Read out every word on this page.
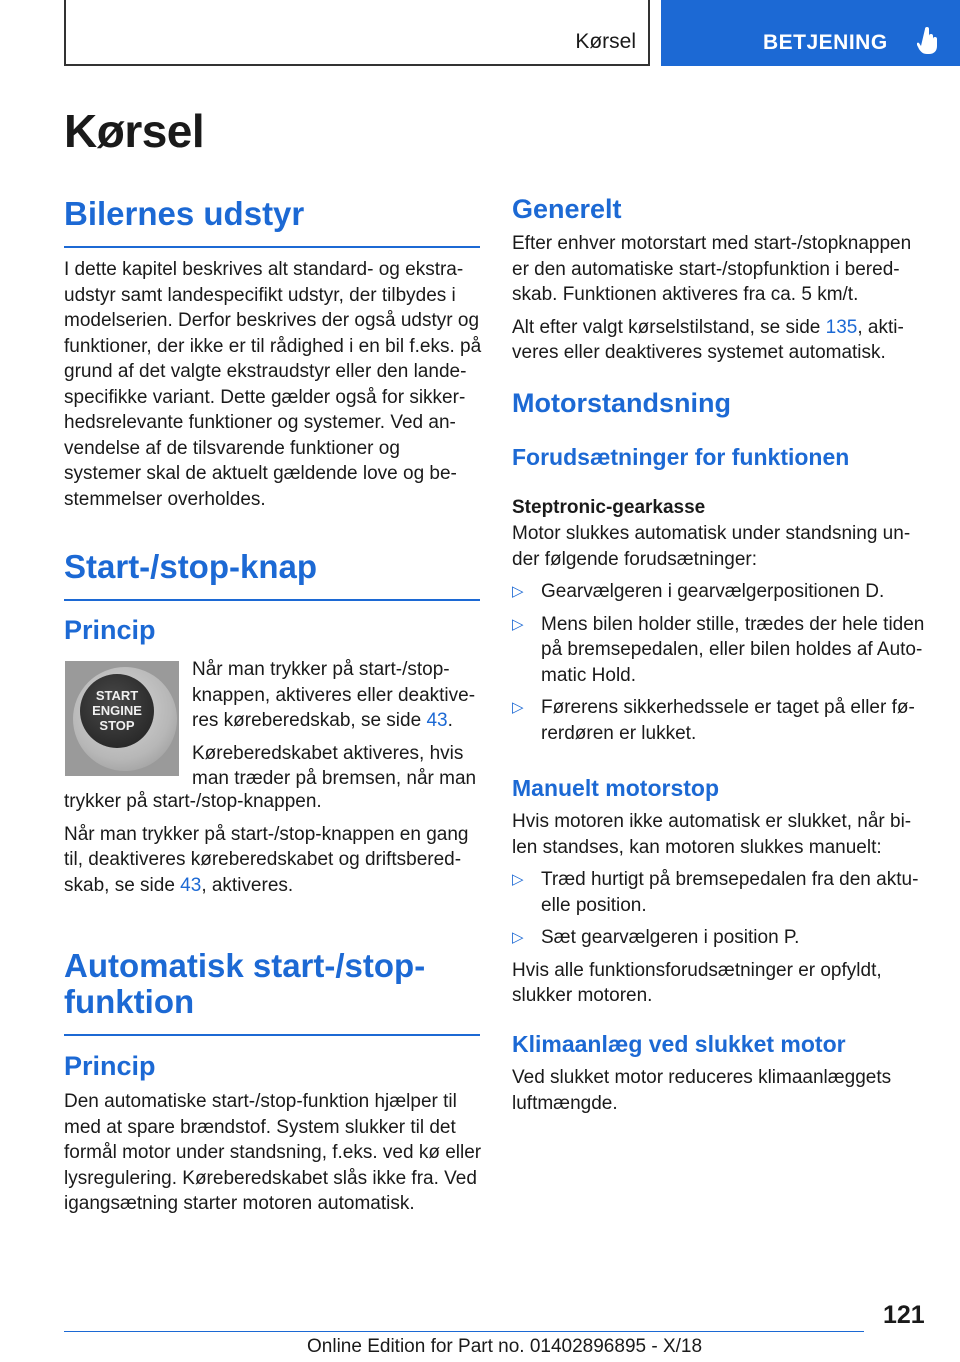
Kørsel	BETJENING
Kørsel
Bilernes udstyr

I dette kapitel beskrives alt standard- og ekstra-

udstyr samt landespecifikt udstyr, der tilbydes i

modelserien. Derfor beskrives der også udstyr og

funktioner, der ikke er til rådighed i en bil f.eks. på

grund af det valgte ekstraudstyr eller den lande-

specifikke variant. Dette gælder også for sikker-

hedsrelevante funktioner og systemer. Ved an-

vendelse af de tilsvarende funktioner og

systemer skal de aktuelt gældende love og be-

stemmelser overholdes.

Start-/stop-knap
Princip

Når man trykker på start-/stop-

knappen, aktiveres eller deaktive-

res køreberedskab, se side 43.

Køreberedskabet aktiveres, hvis

man træder på bremsen, når man

trykker på start-/stop-knappen.

Når man trykker på start-/stop-knappen en gang

til, deaktiveres køreberedskabet og driftsbered-

skab, se side 43, aktiveres.

Automatisk start-/stop-
funktion
Princip

Den automatiske start-/stop-funktion hjælper til

med at spare brændstof. System slukker til det

formål motor under standsning, f.eks. ved kø eller

lysregulering. Køreberedskabet slås ikke fra. Ved

igangsætning starter motoren automatisk.

START
ENGINE
STOP
Generelt

Efter enhver motorstart med start-/stopknappen

er den automatiske start-/stopfunktion i bered-

skab. Funktionen aktiveres fra ca. 5 km/t.

Alt efter valgt kørselstilstand, se side 135, akti-

veres eller deaktiveres systemet automatisk.

Motorstandsning
Forudsætninger for funktionen
Steptronic-gearkasse

Motor slukkes automatisk under standsning un-

der følgende forudsætninger:

▷ Gearvælgeren i gearvælgerpositionen D.
▷ Mens bilen holder stille, trædes der hele tiden
på bremsepedalen, eller bilen holdes af Auto-
matic Hold.
▷ Førerens sikkerhedssele er taget på eller fø-
rerdøren er lukket.
Manuelt motorstop

Hvis motoren ikke automatisk er slukket, når bi-

len standses, kan motoren slukkes manuelt:

▷ Træd hurtigt på bremsepedalen fra den aktu-
elle position.
▷ Sæt gearvælgeren i position P.

Hvis alle funktionsforudsætninger er opfyldt,

slukker motoren.

Klimaanlæg ved slukket motor

Ved slukket motor reduceres klimaanlæggets

luftmængde.

121
Online Edition for Part no. 01402896895 - X/18
